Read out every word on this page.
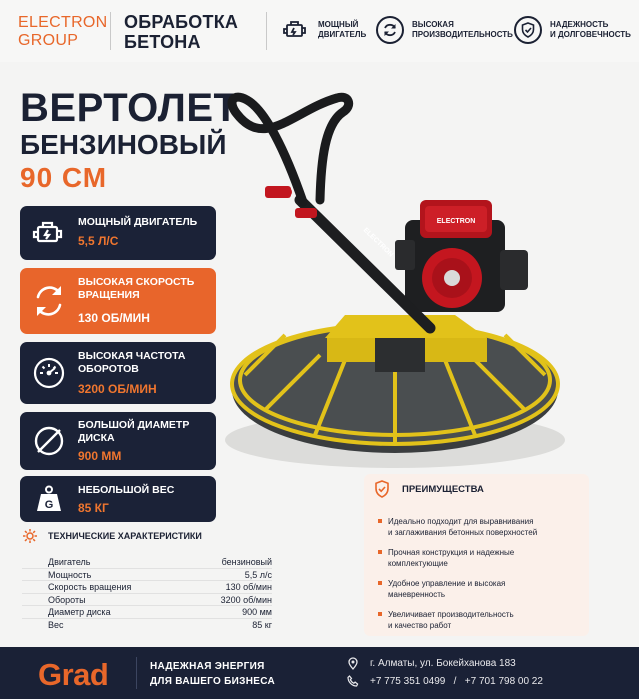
ELECTRON
GROUP
ОБРАБОТКА
БЕТОНА
МОЩНЫЙ
ДВИГАТЕЛЬ
ВЫСОКАЯ
ПРОИЗВОДИТЕЛЬНОСТЬ
НАДЕЖНОСТЬ
И ДОЛГОВЕЧНОСТЬ
ВЕРТОЛЕТ
БЕНЗИНОВЫЙ
90 СМ
МОЩНЫЙ ДВИГАТЕЛЬ
5,5 Л/С
ВЫСОКАЯ СКОРОСТЬ
ВРАЩЕНИЯ
130 ОБ/МИН
ВЫСОКАЯ ЧАСТОТА
ОБОРОТОВ
3200 ОБ/МИН
БОЛЬШОЙ ДИАМЕТР
ДИСКА
900 ММ
G
НЕБОЛЬШОЙ ВЕС
85 КГ
ELECTRON
ELECTRON
ТЕХНИЧЕСКИЕ ХАРАКТЕРИСТИКИ
Двигатель	бензиновый
Мощность	5,5 л/с
Скорость вращения	130 об/мин
Обороты	3200 об/мин
Диаметр диска	900 мм
Вес	85 кг
ПРЕИМУЩЕСТВА
Идеально подходит для выравнивания
и заглаживания бетонных поверхностей
Прочная конструкция и надежные
комплектующие
Удобное управление и высокая
маневренность
Увеличивает производительность
и качество работ
Grad	НАДЕЖНАЯ ЭНЕРГИЯ
ДЛЯ ВАШЕГО БИЗНЕСА
г. Алматы, ул. Бокейханова 183
+7 775 351 0499   /   +7 701 798 00 22
